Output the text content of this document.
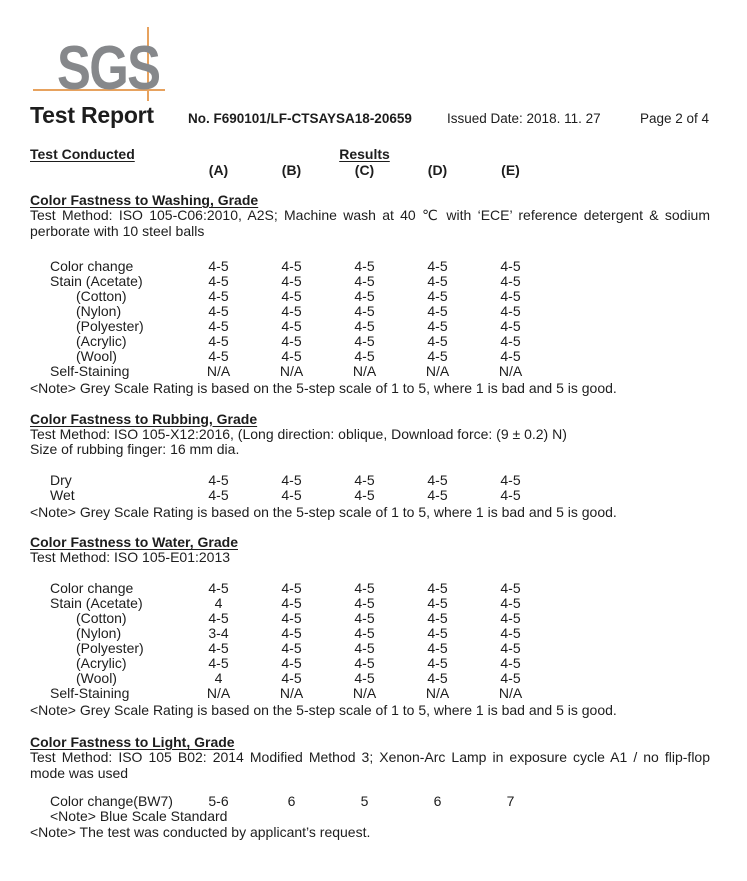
SGS
Test Report	No. F690101/LF-CTSAYSA18-20659	Issued Date: 2018. 11. 27	Page 2 of 4
Test Conducted	Results
(A)	(B)	(C)	(D)	(E)
Color Fastness to Washing, Grade

Test Method: ISO 105-C06:2010, A2S; Machine wash at 40 ℃ with ‘ECE’ reference detergent & sodium perborate with 10 steel balls

Color change	4-5	4-5	4-5	4-5	4-5
Stain (Acetate)	4-5	4-5	4-5	4-5	4-5
(Cotton)	4-5	4-5	4-5	4-5	4-5
(Nylon)	4-5	4-5	4-5	4-5	4-5
(Polyester)	4-5	4-5	4-5	4-5	4-5
(Acrylic)	4-5	4-5	4-5	4-5	4-5
(Wool)	4-5	4-5	4-5	4-5	4-5
Self-Staining	N/A	N/A	N/A	N/A	N/A

<Note> Grey Scale Rating is based on the 5-step scale of 1 to 5, where 1 is bad and 5 is good.

Color Fastness to Rubbing, Grade

Test Method: ISO 105-X12:2016, (Long direction: oblique, Download force: (9 ± 0.2) N)

Size of rubbing finger: 16 mm dia.

Dry	4-5	4-5	4-5	4-5	4-5
Wet	4-5	4-5	4-5	4-5	4-5

<Note> Grey Scale Rating is based on the 5-step scale of 1 to 5, where 1 is bad and 5 is good.

Color Fastness to Water, Grade

Test Method: ISO 105-E01:2013

Color change	4-5	4-5	4-5	4-5	4-5
Stain (Acetate)	4	4-5	4-5	4-5	4-5
(Cotton)	4-5	4-5	4-5	4-5	4-5
(Nylon)	3-4	4-5	4-5	4-5	4-5
(Polyester)	4-5	4-5	4-5	4-5	4-5
(Acrylic)	4-5	4-5	4-5	4-5	4-5
(Wool)	4	4-5	4-5	4-5	4-5
Self-Staining	N/A	N/A	N/A	N/A	N/A

<Note> Grey Scale Rating is based on the 5-step scale of 1 to 5, where 1 is bad and 5 is good.

Color Fastness to Light, Grade

Test Method: ISO 105 B02: 2014 Modified Method 3; Xenon-Arc Lamp in exposure cycle A1 / no flip-flop mode was used

Color change(BW7)	5-6	6	5	6	7

<Note> Blue Scale Standard

<Note> The test was conducted by applicant’s request.
